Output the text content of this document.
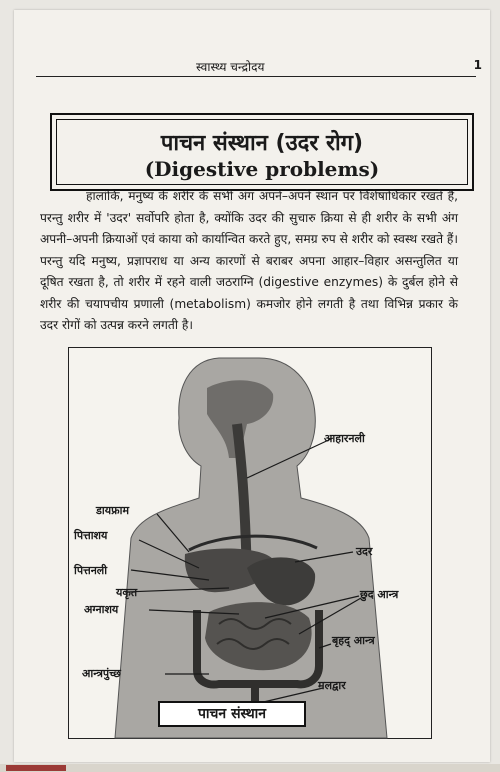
स्वास्थ्य चन्द्रोदय	1
पाचन संस्थान (उदर रोग)
(Digestive problems)
हालांकि, मनुष्य के शरीर के सभी अंग अपने–अपने स्थान पर विशेषाधिकार रखते हैं, परन्तु शरीर में 'उदर' सर्वोपरि होता है, क्योंकि उदर की सुचारु क्रिया से ही शरीर के सभी अंग अपनी–अपनी क्रियाओं एवं काया को कार्यान्वित करते हुए, समग्र रुप से शरीर को स्वस्थ रखते हैं। परन्तु यदि मनुष्य, प्रज्ञापराध या अन्य कारणों से बराबर अपना आहार–विहार असन्तुलित या दूषित रखता है, तो शरीर में रहने वाली जठराग्नि (digestive enzymes) के दुर्बल होने से शरीर की चयापचीय प्रणाली (metabolism) कमजोर होने लगती है तथा विभिन्न प्रकार के उदर रोगों को उत्पन्न करने लगती है।
आहारनली
डायफ्राम
पित्ताशय
उदर
पित्तनली
यकृत	छुद आन्त्र
अग्नाशय
बृहद् आन्त्र
आन्त्रपुंच्छ
मलद्वार
पाचन संस्थान
